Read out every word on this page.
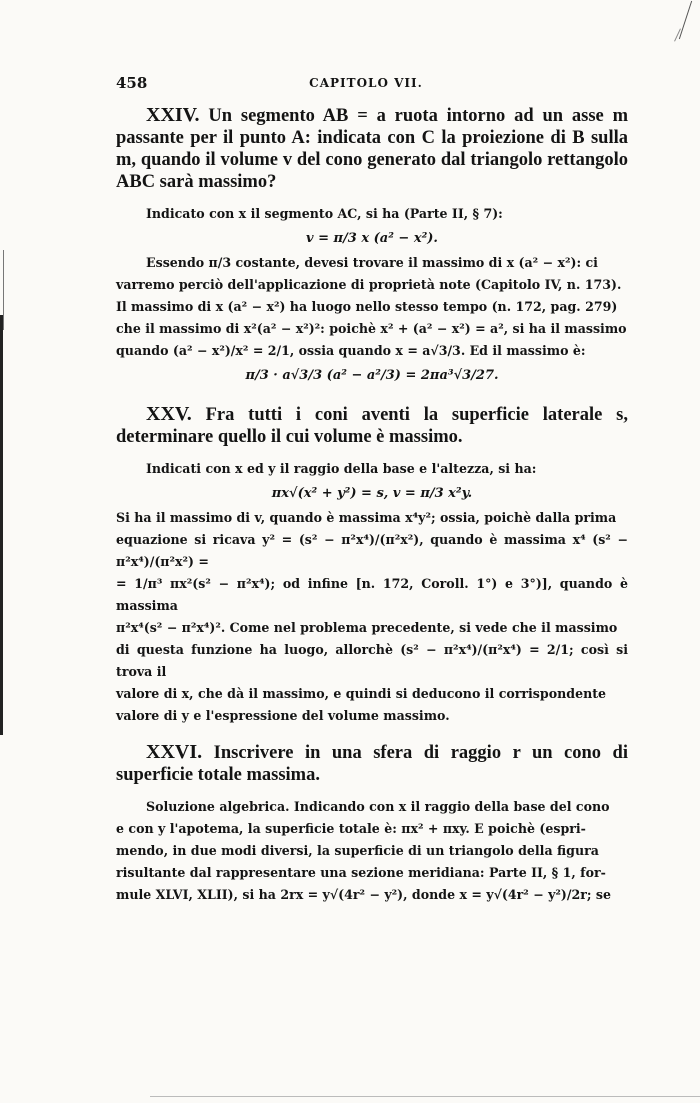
458	CAPITOLO VII.

XXIV. Un segmento AB = a ruota intorno ad un asse m passante per il punto A: indicata con C la proiezione di B sulla m, quando il volume v del cono generato dal triangolo rettangolo ABC sarà massimo?

Indicato con x il segmento AC, si ha (Parte II, § 7):

v = π/3 x (a² − x²).

Essendo π/3 costante, devesi trovare il massimo di x (a² − x²): ci

varremo perciò dell'applicazione di proprietà note (Capitolo IV, n. 173).

Il massimo di x (a² − x²) ha luogo nello stesso tempo (n. 172, pag. 279)

che il massimo di x²(a² − x²)²: poichè x² + (a² − x²) = a², si ha il massimo

quando (a² − x²)/x² = 2/1, ossia quando x = a√3/3. Ed il massimo è:

π/3 · a√3/3 (a² − a²/3) = 2πa³√3/27.

XXV. Fra tutti i coni aventi la superficie laterale s, determinare quello il cui volume è massimo.

Indicati con x ed y il raggio della base e l'altezza, si ha:

πx√(x² + y²) = s, v = π/3 x²y.

Si ha il massimo di v, quando è massima x⁴y²; ossia, poichè dalla prima

equazione si ricava y² = (s² − π²x⁴)/(π²x²), quando è massima x⁴ (s² − π²x⁴)/(π²x²) =

= 1/π³ πx²(s² − π²x⁴); od infine [n. 172, Coroll. 1°) e 3°)], quando è massima

π²x⁴(s² − π²x⁴)². Come nel problema precedente, si vede che il massimo

di questa funzione ha luogo, allorchè (s² − π²x⁴)/(π²x⁴) = 2/1; così si trova il

valore di x, che dà il massimo, e quindi si deducono il corrispondente

valore di y e l'espressione del volume massimo.

XXVI. Inscrivere in una sfera di raggio r un cono di superficie totale massima.

Soluzione algebrica. Indicando con x il raggio della base del cono

e con y l'apotema, la superficie totale è: πx² + πxy. E poichè (espri-

mendo, in due modi diversi, la superficie di un triangolo della figura

risultante dal rappresentare una sezione meridiana: Parte II, § 1, for-

mule XLVI, XLII), si ha 2rx = y√(4r² − y²), donde x = y√(4r² − y²)/2r; se
